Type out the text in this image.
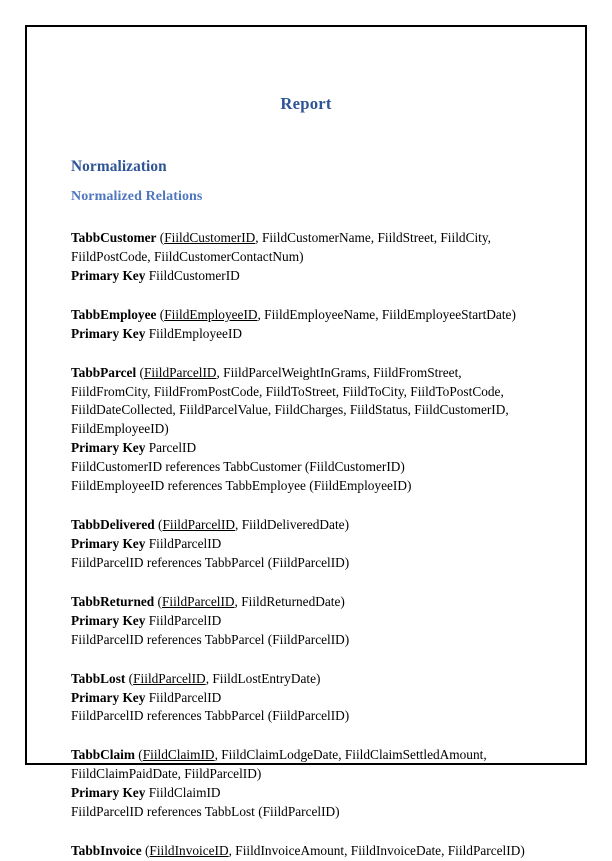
Report
Normalization
Normalized Relations

TabbCustomer (FiildCustomerID, FiildCustomerName, FiildStreet, FiildCity, FiildPostCode, FiildCustomerContactNum)

Primary Key FiildCustomerID

TabbEmployee (FiildEmployeeID, FiildEmployeeName, FiildEmployeeStartDate)

Primary Key FiildEmployeeID

TabbParcel (FiildParcelID, FiildParcelWeightInGrams, FiildFromStreet, FiildFromCity, FiildFromPostCode, FiildToStreet, FiildToCity, FiildToPostCode, FiildDateCollected, FiildParcelValue, FiildCharges, FiildStatus, FiildCustomerID, FiildEmployeeID)

Primary Key ParcelID

FiildCustomerID references TabbCustomer (FiildCustomerID)

FiildEmployeeID references TabbEmployee (FiildEmployeeID)

TabbDelivered (FiildParcelID, FiildDeliveredDate)

Primary Key FiildParcelID

FiildParcelID references TabbParcel (FiildParcelID)

TabbReturned (FiildParcelID, FiildReturnedDate)

Primary Key FiildParcelID

FiildParcelID references TabbParcel (FiildParcelID)

TabbLost (FiildParcelID, FiildLostEntryDate)

Primary Key FiildParcelID

FiildParcelID references TabbParcel (FiildParcelID)

TabbClaim (FiildClaimID, FiildClaimLodgeDate, FiildClaimSettledAmount, FiildClaimPaidDate, FiildParcelID)

Primary Key FiildClaimID

FiildParcelID references TabbLost (FiildParcelID)

TabbInvoice (FiildInvoiceID, FiildInvoiceAmount, FiildInvoiceDate, FiildParcelID)
